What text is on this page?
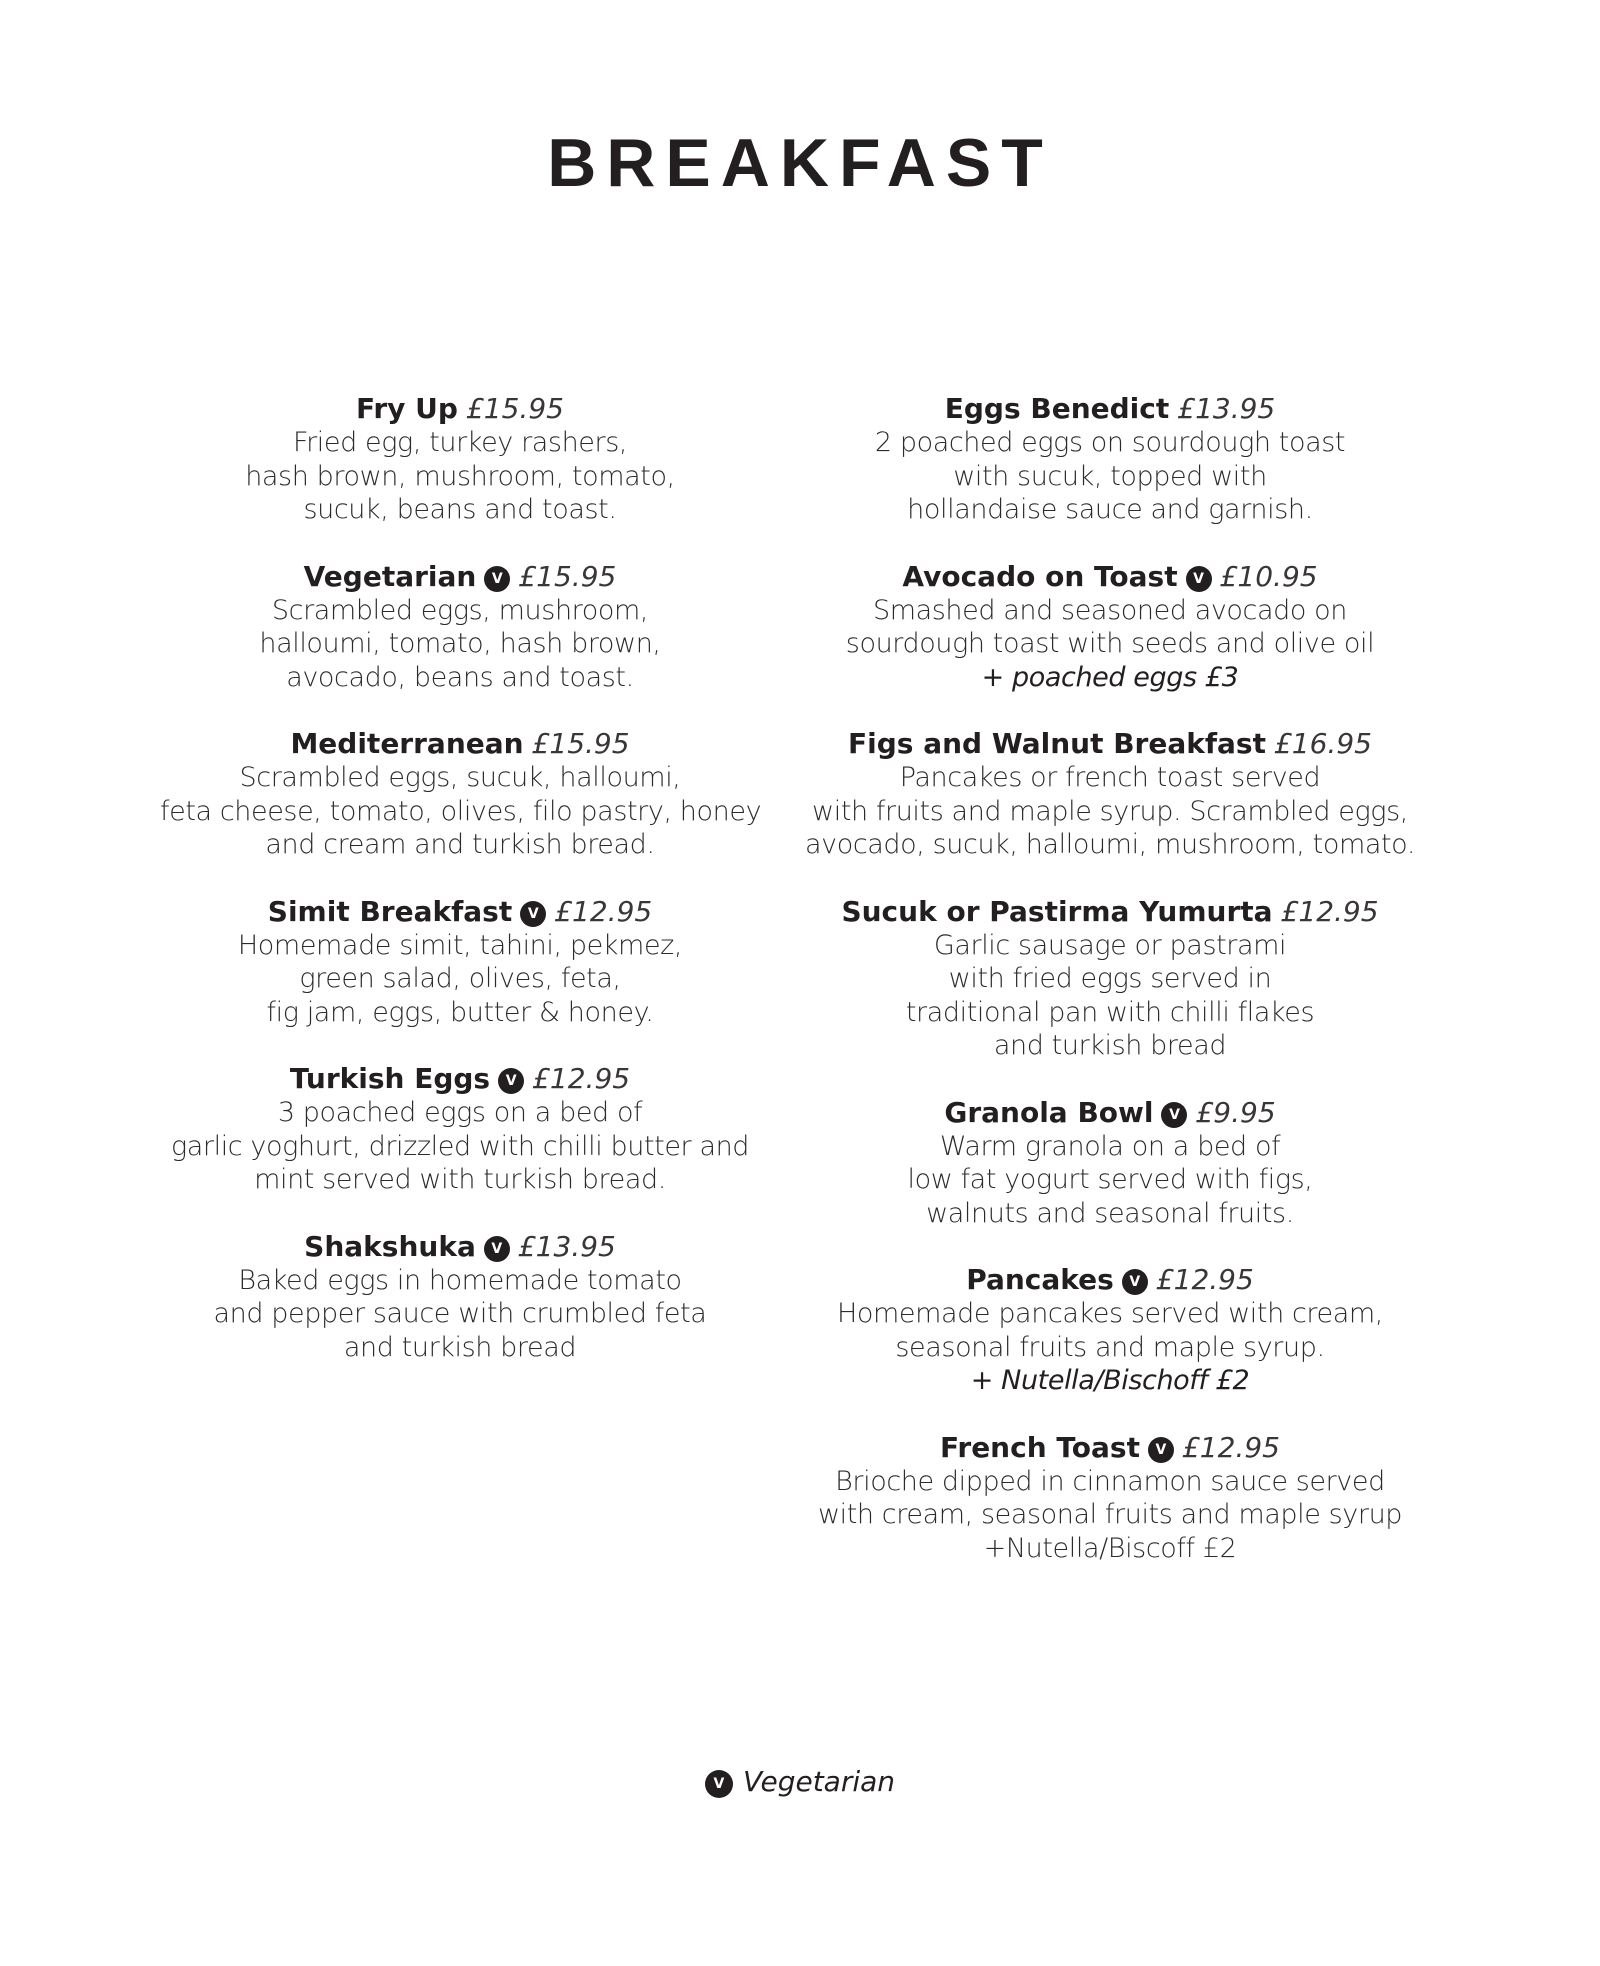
BREAKFAST
Fry Up £15.95
Fried egg, turkey rashers,
hash brown, mushroom, tomato,
sucuk, beans and toast.
Vegetarian V £15.95
Scrambled eggs, mushroom,
halloumi, tomato, hash brown,
avocado, beans and toast.
Mediterranean £15.95
Scrambled eggs, sucuk, halloumi,
feta cheese, tomato, olives, filo pastry, honey
and cream and turkish bread.
Simit Breakfast V £12.95
Homemade simit, tahini, pekmez,
green salad, olives, feta,
fig jam, eggs, butter & honey.
Turkish Eggs V £12.95
3 poached eggs on a bed of
garlic yoghurt, drizzled with chilli butter and
mint served with turkish bread.
Shakshuka V £13.95
Baked eggs in homemade tomato
and pepper sauce with crumbled feta
and turkish bread
Eggs Benedict £13.95
2 poached eggs on sourdough toast
with sucuk, topped with
hollandaise sauce and garnish.
Avocado on Toast V £10.95
Smashed and seasoned avocado on
sourdough toast with seeds and olive oil
+ poached eggs £3
Figs and Walnut Breakfast £16.95
Pancakes or french toast served
with fruits and maple syrup. Scrambled eggs,
avocado, sucuk, halloumi, mushroom, tomato.
Sucuk or Pastirma Yumurta £12.95
Garlic sausage or pastrami
with fried eggs served in
traditional pan with chilli flakes
and turkish bread
Granola Bowl V £9.95
Warm granola on a bed of
low fat yogurt served with figs,
walnuts and seasonal fruits.
Pancakes V £12.95
Homemade pancakes served with cream,
seasonal fruits and maple syrup.
+ Nutella/Bischoff £2
French Toast V £12.95
Brioche dipped in cinnamon sauce served
with cream, seasonal fruits and maple syrup
+Nutella/Biscoff £2
V Vegetarian
